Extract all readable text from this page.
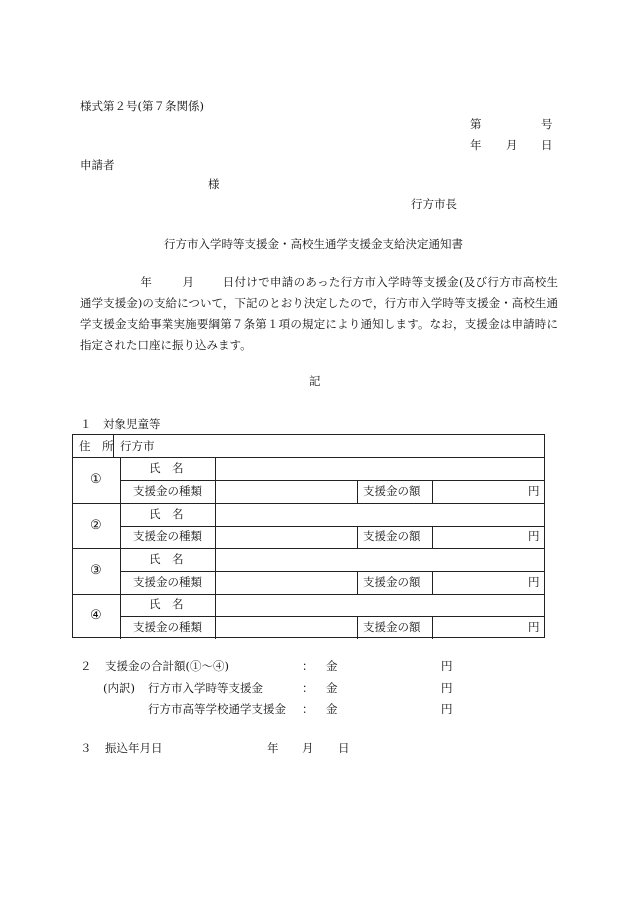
様式第２号(第７条関係)
第	号
年 月 日
申請者
様
行方市長
行方市入学時等支援金・高校生通学支援金支給決定通知書
年	月 日付けで申請のあった行方市入学時等支援金(及び行方市高校生通学支援金)の支給について，下記のとおり決定したので，行方市入学時等支援金・高校生通学支援金支給事業実施要綱第７条第１項の規定により通知します。なお，支援金は申請時に指定された口座に振り込みます。
記
１　対象児童等
住　所 行方市
①
氏　名
支援金の種類	支援金の額	円
②
氏　名
支援金の種類	支援金の額	円
③
氏　名
支援金の種類	支援金の額	円
④
氏　名
支援金の種類	支援金の額	円
２ 支援金の合計額(①～④)	： 金	円
(内訳) 行方市入学時等支援金	： 金	円
行方市高等学校通学支援金 ： 金	円
３ 振込年月日	年 月 日
